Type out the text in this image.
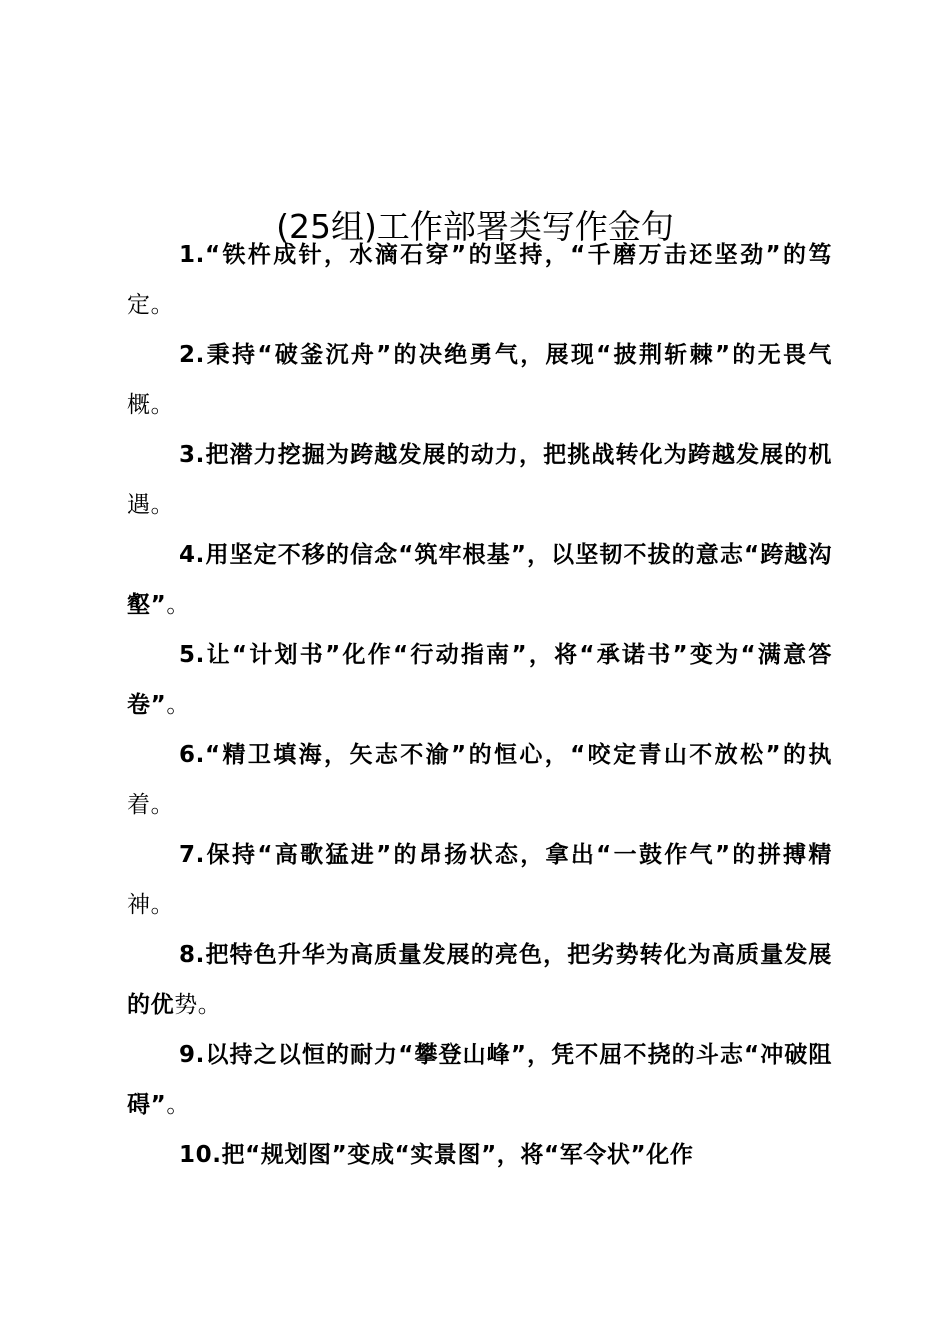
(25组)工作部署类写作金句

1.“铁杵成针，水滴石穿”的坚持，“千磨万击还坚劲”的笃定。

2.秉持“破釜沉舟”的决绝勇气，展现“披荆斩棘”的无畏气概。

3.把潜力挖掘为跨越发展的动力，把挑战转化为跨越发展的机遇。

4.用坚定不移的信念“筑牢根基”，以坚韧不拔的意志“跨越沟壑”。

5.让“计划书”化作“行动指南”，将“承诺书”变为“满意答卷”。

6.“精卫填海，矢志不渝”的恒心，“咬定青山不放松”的执着。

7.保持“高歌猛进”的昂扬状态，拿出“一鼓作气”的拼搏精神。

8.把特色升华为高质量发展的亮色，把劣势转化为高质量发展的优势。

9.以持之以恒的耐力“攀登山峰”，凭不屈不挠的斗志“冲破阻碍”。

10.把“规划图”变成“实景图”，将“军令状”化作
